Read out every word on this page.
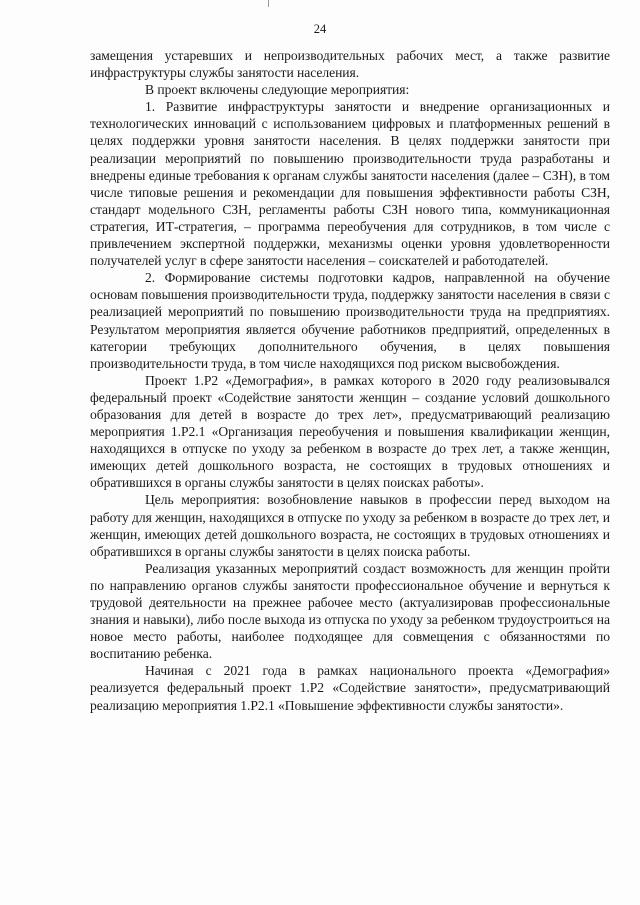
24

замещения устаревших и непроизводительных рабочих мест, а также развитие инфраструктуры службы занятости населения.

В проект включены следующие мероприятия:

1. Развитие инфраструктуры занятости и внедрение организационных и технологических инноваций с использованием цифровых и платформенных решений в целях поддержки уровня занятости населения. В целях поддержки занятости при реализации мероприятий по повышению производительности труда разработаны и внедрены единые требования к органам службы занятости населения (далее – СЗН), в том числе типовые решения и рекомендации для повышения эффективности работы СЗН, стандарт модельного СЗН, регламенты работы СЗН нового типа, коммуникационная стратегия, ИТ-стратегия, – программа переобучения для сотрудников, в том числе с привлечением экспертной поддержки, механизмы оценки уровня удовлетворенности получателей услуг в сфере занятости населения – соискателей и работодателей.

2. Формирование системы подготовки кадров, направленной на обучение основам повышения производительности труда, поддержку занятости населения в связи с реализацией мероприятий по повышению производительности труда на предприятиях. Результатом мероприятия является обучение работников предприятий, определенных в категории требующих дополнительного обучения, в целях повышения производительности труда, в том числе находящихся под риском высвобождения.

Проект 1.Р2 «Демография», в рамках которого в 2020 году реализовывался федеральный проект «Содействие занятости женщин – создание условий дошкольного образования для детей в возрасте до трех лет», предусматривающий реализацию мероприятия 1.Р2.1 «Организация переобучения и повышения квалификации женщин, находящихся в отпуске по уходу за ребенком в возрасте до трех лет, а также женщин, имеющих детей дошкольного возраста, не состоящих в трудовых отношениях и обратившихся в органы службы занятости в целях поисках работы».

Цель мероприятия: возобновление навыков в профессии перед выходом на работу для женщин, находящихся в отпуске по уходу за ребенком в возрасте до трех лет, и женщин, имеющих детей дошкольного возраста, не состоящих в трудовых отношениях и обратившихся в органы службы занятости в целях поиска работы.

Реализация указанных мероприятий создаст возможность для женщин пройти по направлению органов службы занятости профессиональное обучение и вернуться к трудовой деятельности на прежнее рабочее место (актуализировав профессиональные знания и навыки), либо после выхода из отпуска по уходу за ребенком трудоустроиться на новое место работы, наиболее подходящее для совмещения с обязанностями по воспитанию ребенка.

Начиная с 2021 года в рамках национального проекта «Демография» реализуется федеральный проект 1.Р2 «Содействие занятости», предусматривающий реализацию мероприятия 1.Р2.1 «Повышение эффективности службы занятости».
